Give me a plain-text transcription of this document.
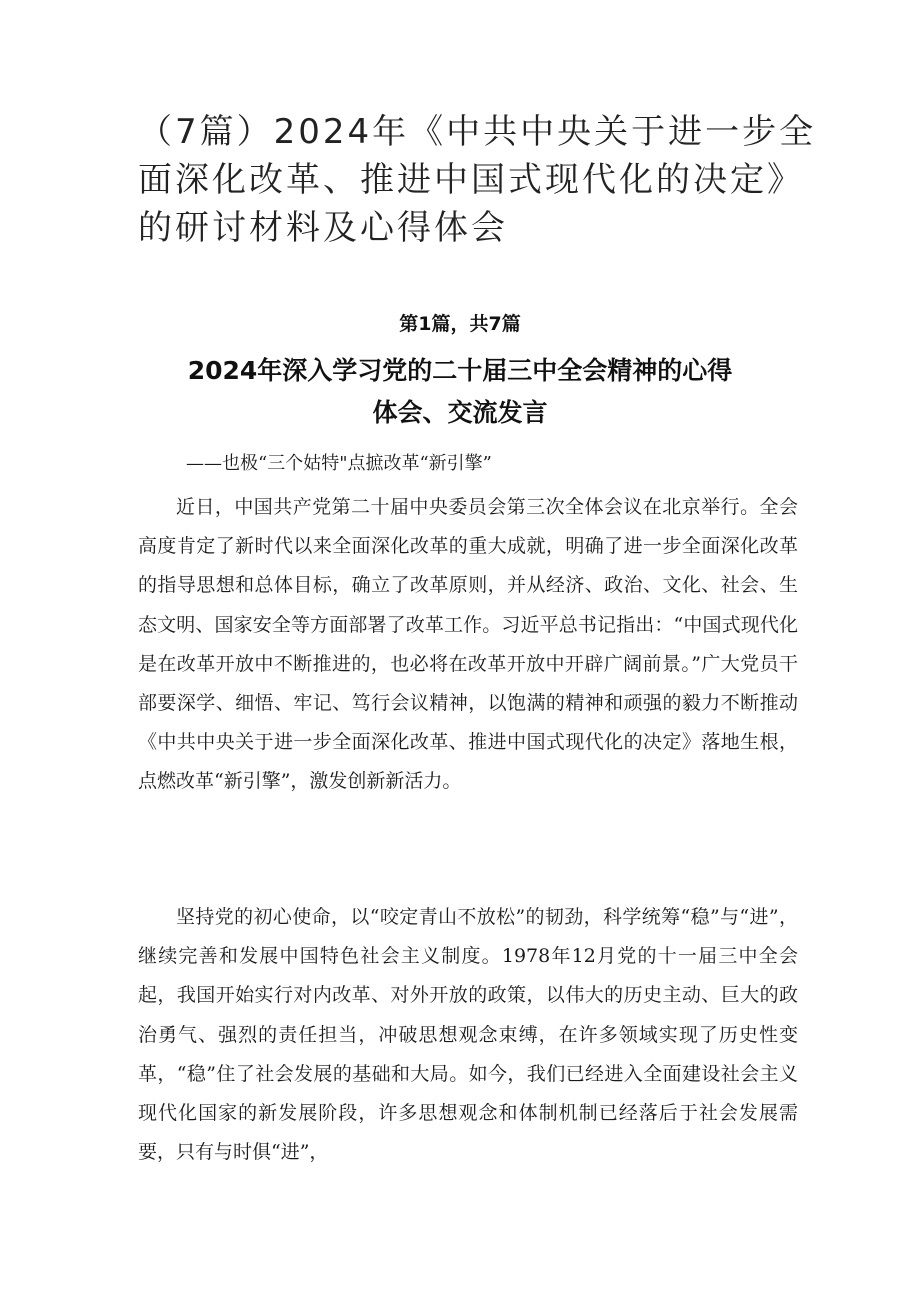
（7篇）2024年《中共中央关于进一步全面深化改革、推进中国式现代化的决定》的研讨材料及心得体会
第1篇，共7篇
2024年深入学习党的二十届三中全会精神的心得体会、交流发言
——也极“三个姑特"点摭改革“新引擎”

近日，中国共产党第二十届中央委员会第三次全体会议在北京举行。全会高度肯定了新时代以来全面深化改革的重大成就，明确了进一步全面深化改革的指导思想和总体目标，确立了改革原则，并从经济、政治、文化、社会、生态文明、国家安全等方面部署了改革工作。习近平总书记指出：“中国式现代化是在改革开放中不断推进的，也必将在改革开放中开辟广阔前景。”广大党员干部要深学、细悟、牢记、笃行会议精神，以饱满的精神和顽强的毅力不断推动《中共中央关于进一步全面深化改革、推进中国式现代化的决定》落地生根，点燃改革“新引擎”，激发创新新活力。

坚持党的初心使命，以“咬定青山不放松”的韧劲，科学统筹“稳”与“进”，继续完善和发展中国特色社会主义制度。1978年12月党的十一届三中全会起，我国开始实行对内改革、对外开放的政策，以伟大的历史主动、巨大的政治勇气、强烈的责任担当，冲破思想观念束缚，在许多领域实现了历史性变革，“稳”住了社会发展的基础和大局。如今，我们已经进入全面建设社会主义现代化国家的新发展阶段，许多思想观念和体制机制已经落后于社会发展需要，只有与时俱“进”，
